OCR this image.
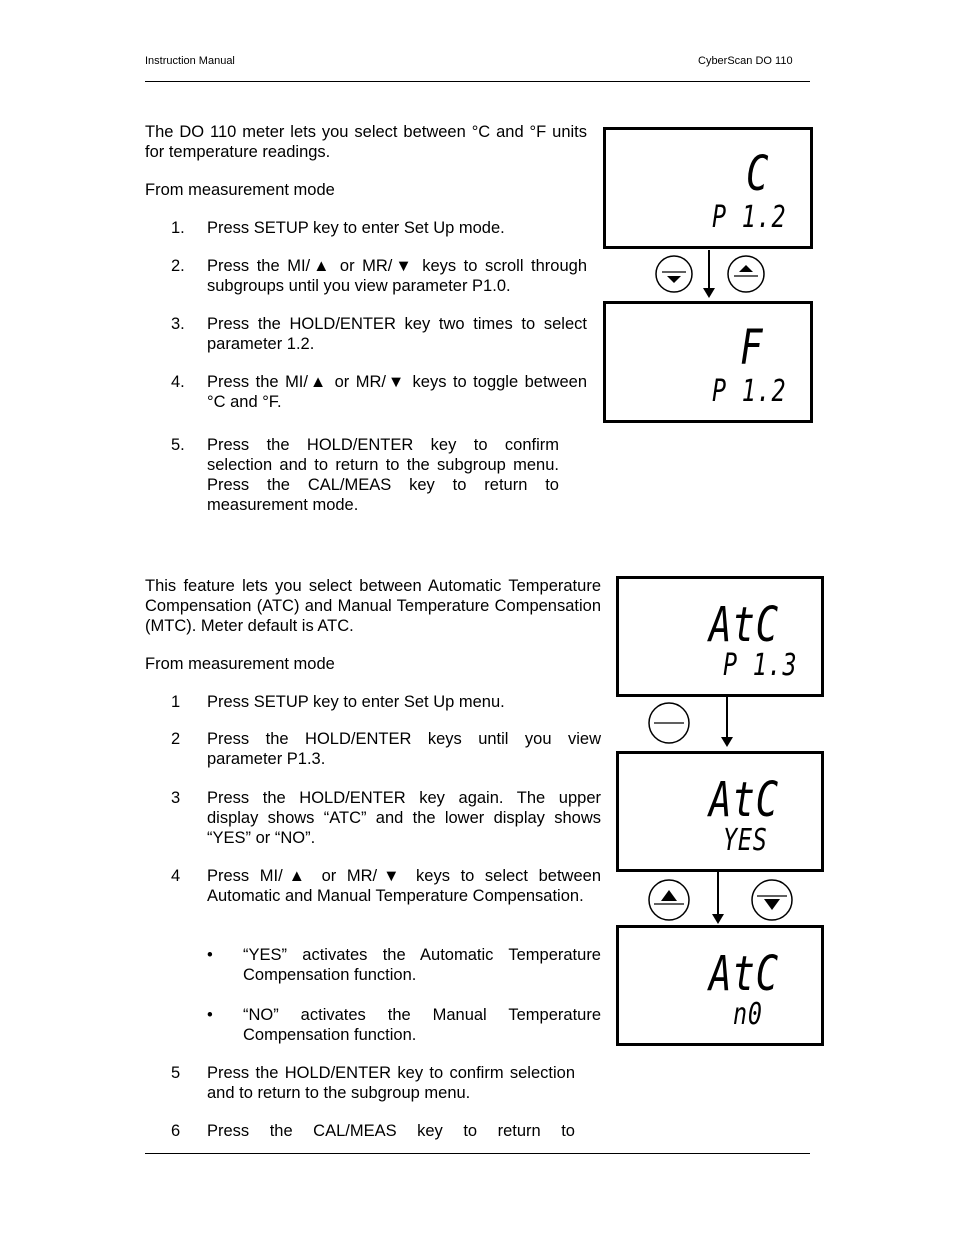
Instruction Manual	CyberScan DO 110
The DO 110 meter lets you select between °C and °F units for temperature readings.
From measurement mode
1. Press SETUP key to enter Set Up mode.
2. Press the MI/▲ or MR/▼ keys to scroll through subgroups until you view parameter P1.0.
3. Press the HOLD/ENTER key two times to select parameter 1.2.
4. Press the MI/▲ or MR/▼ keys to toggle between °C and °F.
5. Press the HOLD/ENTER key to confirm selection and to return to the subgroup menu. Press the CAL/MEAS key to return to measurement mode.
C
P 1.2
F
P 1.2
This feature lets you select between Automatic Temperature Compensation (ATC) and Manual Temperature Compensation (MTC). Meter default is ATC.
From measurement mode
1 Press SETUP key to enter Set Up menu.
2 Press the HOLD/ENTER keys until you view parameter P1.3.
3 Press the HOLD/ENTER key again. The upper display shows “ATC” and the lower display shows “YES” or “NO”.
4 Press MI/▲ or MR/▼ keys to select between Automatic and Manual Temperature Compensation.
• “YES” activates the Automatic Temperature Compensation function.
• “NO” activates the Manual Temperature Compensation function.
5 Press the HOLD/ENTER key to confirm selection and to return to the subgroup menu.
6 Press the CAL/MEAS key to return to
AtC
P 1.3
AtC
YES
AtC
n0
